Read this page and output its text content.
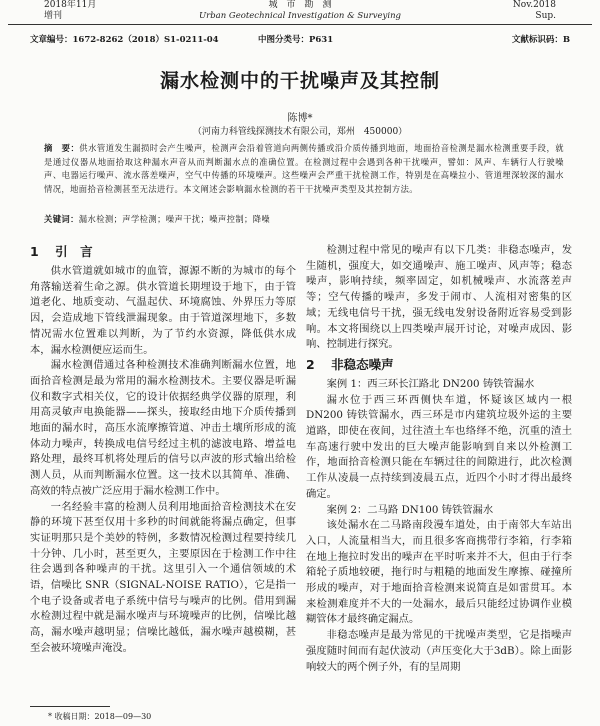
2018年11月
增刊
城　市　勘　测
Urban Geotechnical Investigation & Surveying
Nov.2018
Sup.
文章编号：1672-8262（2018）S1-0211-04	中图分类号：P631	文献标识码：B
漏水检测中的干扰噪声及其控制
陈博*
（河南力科管线探测技术有限公司，郑州　450000）
摘　要：供水管道发生漏损时会产生噪声，检测声会沿着管道向两侧传播或沿介质传播到地面，地面拾音检测是漏水检测重要手段，就是通过仪器从地面拾取这种漏水声音从而判断漏水点的准确位置。在检测过程中会遇到各种干扰噪声，譬如：风声、车辆行人行驶噪声、电器运行噪声、流水落差噪声，空气中传播的环境噪声。这些噪声会严重干扰检测工作，特别是在高噪拉小、管道埋深较深的漏水情况，地面拾音检测甚至无法进行。本文阐述会影响漏水检测的若干干扰噪声类型及其控制方法。
关键词：漏水检测；声学检测；噪声干扰；噪声控制；降噪
1 引　言

供水管道就如城市的血管，源源不断的为城市的每个角落输送着生命之源。供水管道长期埋设于地下，由于管道老化、地质变动、气温起伏、环境腐蚀、外界压力等原因，会造成地下管线泄漏现象。由于管道深埋地下，多数情况需水位置难以判断，为了节约水资源，降低供水成本，漏水检测便应运而生。

漏水检测借通过各种检测技术准确判断漏水位置，地面拾音检测是最为常用的漏水检测技术。主要仪器是听漏仪和数字式相关仪，它的设计依据经典学仪器的原理，利用高灵敏声电换能器——探头，接取经由地下介质传播到地面的漏水时，高压水流摩擦管道、冲击土壤所形成的流体动力噪声，转换成电信号经过主机的滤波电路、增益电路处理，最终耳机将处理后的信号以声波的形式输出给检测人员，从而判断漏水位置。这一技术以其简单、准确、高效的特点被广泛应用于漏水检测工作中。

一名经验丰富的检测人员利用地面拾音检测技术在安静的环境下甚至仅用十多秒的时间就能将漏点确定，但事实证明那只是个美妙的特例，多数情况检测过程要持续几十分钟、几小时，甚至更久，主要原因在于检测工作中往往会遇到各种噪声的干扰。这里引入一个通信领域的术语，信噪比 SNR（SIGNAL-NOISE RATIO），它是指一个电子设备或者电子系统中信号与噪声的比例。借用到漏水检测过程中就是漏水噪声与环境噪声的比例，信噪比越高，漏水噪声越明显；信噪比越低，漏水噪声越模糊，甚至会被环境噪声淹没。

检测过程中常见的噪声有以下几类：非稳态噪声，发生随机，强度大，如交通噪声、施工噪声、风声等；稳态噪声，影响持续，频率固定，如机械噪声、水流落差声等；空气传播的噪声，多发于闹市、人流相对密集的区域；无线电信号干扰，强无线电发射设备附近容易受到影响。本文将围绕以上四类噪声展开讨论，对噪声成因、影响、控制进行探究。

2 非稳态噪声

案例 1：西三环长江路北 DN200 铸铁管漏水

漏水位于西三环西侧快车道，怀疑该区域内一根DN200 铸铁管漏水，西三环是市内建筑垃圾外运的主要道路，即使在夜间，过往渣土车也络绎不绝，沉重的渣土车高速行驶中发出的巨大噪声能影响到自来以外检测工作，地面拾音检测只能在车辆过往的间隙进行，此次检测工作从凌晨一点持续到凌晨五点，近四个小时才得出最终确定。

案例 2：二马路 DN100 铸铁管漏水

该处漏水在二马路南段漫车道处，由于南邻大车站出入口，人流量相当大，而且很多客商携带行李箱，行李箱在地上拖拉时发出的噪声在平时听来并不大，但由于行李箱轮子质地较硬，拖行时与粗糙的地面发生摩擦、碰撞所形成的噪声，对于地面拾音检测来说简直是如雷贯耳。本来检测难度并不大的一处漏水，最后只能经过协调作业模糊管体才最终确定漏点。

非稳态噪声是最为常见的干扰噪声类型，它是指噪声强度随时间而有起伏波动（声压变化大于3dB）。除上面影响较大的两个例子外，有的呈周期

* 收稿日期：2018—09—30
